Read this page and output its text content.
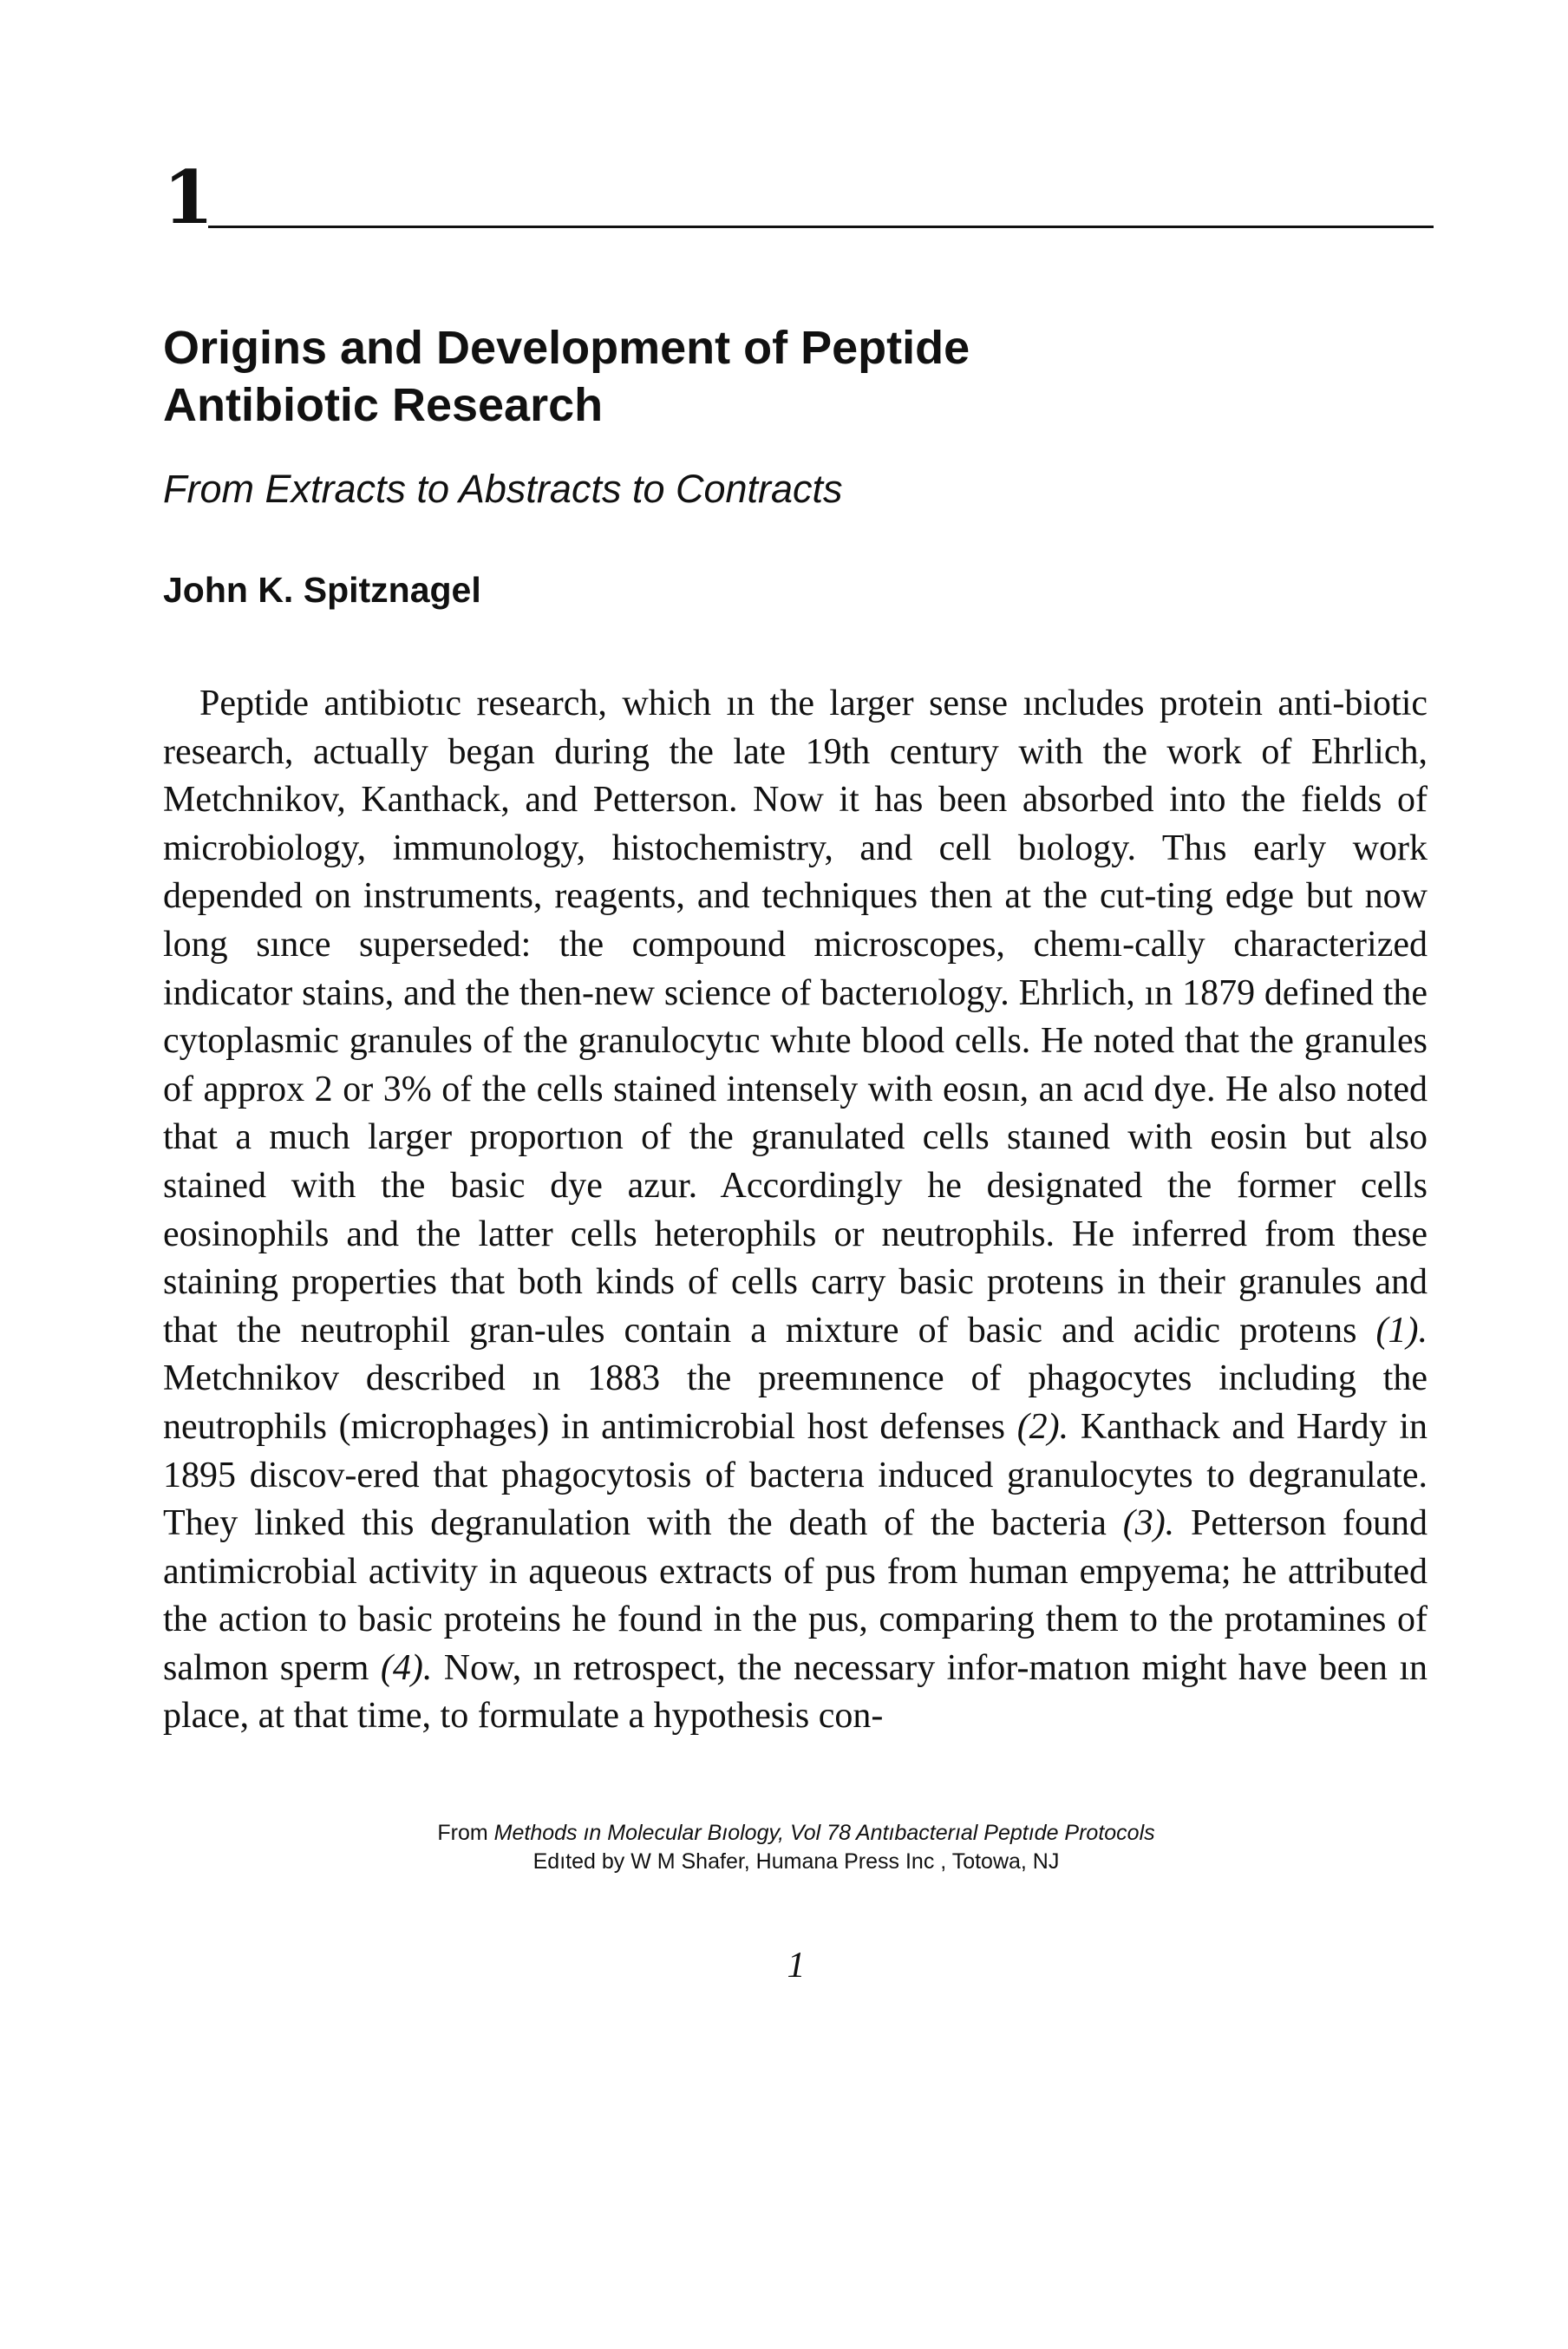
1
Origins and Development of Peptide
Antibiotic Research
From Extracts to Abstracts to Contracts
John K. Spitznagel

Peptide antibiotıc research, which ın the larger sense ıncludes protein anti-biotic research, actually began during the late 19th century with the work of Ehrlich, Metchnikov, Kanthack, and Petterson. Now it has been absorbed into the fields of microbiology, immunology, histochemistry, and cell bıology. Thıs early work depended on instruments, reagents, and techniques then at the cut-ting edge but now long sınce superseded: the compound microscopes, chemı-cally characterized indicator stains, and the then-new science of bacterıology. Ehrlich, ın 1879 defined the cytoplasmic granules of the granulocytıc whıte blood cells. He noted that the granules of approx 2 or 3% of the cells stained intensely with eosın, an acıd dye. He also noted that a much larger proportıon of the granulated cells staıned with eosin but also stained with the basic dye azur. Accordingly he designated the former cells eosinophils and the latter cells heterophils or neutrophils. He inferred from these staining properties that both kinds of cells carry basic proteıns in their granules and that the neutrophil gran-ules contain a mixture of basic and acidic proteıns (1). Metchnikov described ın 1883 the preemınence of phagocytes including the neutrophils (microphages) in antimicrobial host defenses (2). Kanthack and Hardy in 1895 discov-ered that phagocytosis of bacterıa induced granulocytes to degranulate. They linked this degranulation with the death of the bacteria (3). Petterson found antimicrobial activity in aqueous extracts of pus from human empyema; he attributed the action to basic proteins he found in the pus, comparing them to the protamines of salmon sperm (4). Now, ın retrospect, the necessary infor-matıon might have been ın place, at that time, to formulate a hypothesis con-

From Methods ın Molecular Bıology, Vol 78 Antıbacterıal Peptıde Protocols
Edıted by W M Shafer, Humana Press Inc , Totowa, NJ
1
